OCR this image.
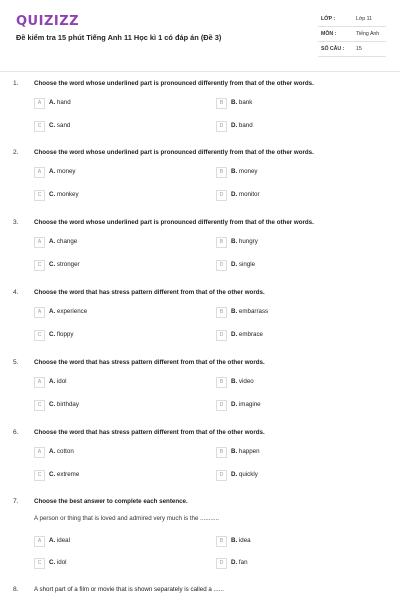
QUIZIZZ
Đề kiểm tra 15 phút Tiếng Anh 11 Học kì 1 có đáp án (Đề 3)
LỚP :	Lớp 11
MÔN :	Tiếng Anh
SỐ CÂU : 15
1.	Choose the word whose underlined part is pronounced differently from that of the other words.
A	A. hand	B	B. bank
C	C. sand	D	D. band
2.	Choose the word whose underlined part is pronounced differently from that of the other words.
A	A. money	B	B. money
C	C. monkey	D	D. monitor
3.	Choose the word whose underlined part is pronounced differently from that of the other words.
A	A. change	B	B. hungry
C	C. stronger	D	D. single
4.	Choose the word that has stress pattern different from that of the other words.
A	A. experience	B	B. embarrass
C	C. floppy	D	D. embrace
5.	Choose the word that has stress pattern different from that of the other words.
A	A. idol	B	B. video
C	C. birthday	D	D. imagine
6.	Choose the word that has stress pattern different from that of the other words.
A	A. cotton	B	B. happen
C	C. extreme	D	D. quickly
7.	Choose the best answer to complete each sentence.
A person or thing that is loved and admired very much is the ...........
A	A. ideal	B	B. idea
C	C. idol	D	D. fan
8.	A short part of a film or movie that is shown separately is called a ......
